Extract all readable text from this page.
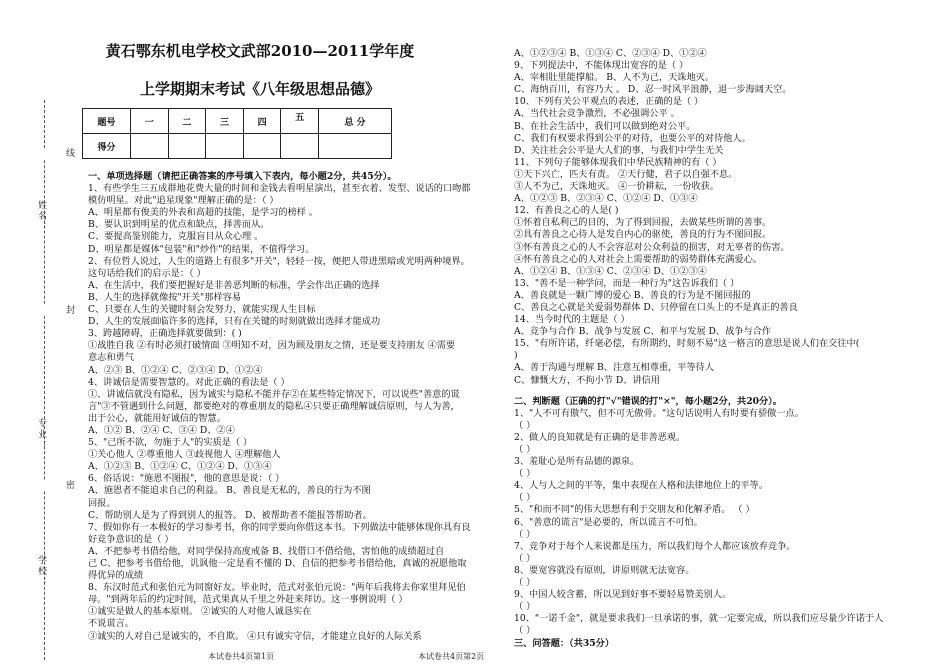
学校：
专业：
姓名：
密
封
线
黄石鄂东机电学校文武部2010—2011学年度
上学期期末考试《八年级思想品德》
题号	一	二	三	四	五	总 分
得分						
一、单项选择题（请把正确答案的序号填入下表内，每小题2分，共45分）。
1、有些学生三五成群地花费大量的时间和金钱去看明星演出，甚至衣着、发型、说话的口吻都
模仿明星。对此"追星现象"理解正确的是：（ ）
A、明星都有俊美的外表和高超的技能，是学习的榜样 。
B、要认识到明星的优点和缺点，择善而从。
C、要提高鉴别能力，克服盲目从众心理 。
D、明星都是媒体"包装"和"炒作"的结果，不值得学习。
2、有位哲人说过，人生的道路上有很多"开关"，轻轻一按，便把人带进黑暗或光明两种境界。
这句话给我们的启示是：（ ）
A、在生活中，我们要把握好是非善恶判断的标准，学会作出正确的选择
B、人生的选择就像按"开关"那样容易
C、只要在人生的关键时刻会发努力，就能实现人生目标
D、人生的发展面临许多的选择，只有在关键的时刻就做出选择才能成功
3、跨越障碍，正确选择就要做到：( )
①战胜自我 ②有时必须打破情面 ③明知不对，因为顾及朋友之情，还是要支持朋友 ④需要
意志和勇气
A、②③ B、①②④ C、②③④ D、①②④
4、讲诚信是需要智慧的。对此正确的看法是（ ）
①、讲诚信就没有隐私，因为诚实与隐私不能并存②在某些特定情况下，可以说些"善意的谎
言"③不管遇到什么问题，都要绝对的尊重朋友的隐私④只要正确理解诚信原则，与人为善，
出于公心，就能用好诚信的智慧。
A、①② B、②④ C、③④ D、②④
5、"己所不欲，勿施于人"的实质是（ ）
①关心他人 ②尊重他人 ③歧视他人 ④理解他人
A、①②③ B、①②④ C、①②④ D、①③④
6、俗话说："施恩不图报"，他的意思是说：（ ）
A、施恩者不能追求自己的利益。 B、善良是无私的，善良的行为不图
回报。
C、帮助别人是为了得到别人的报答。 D、被帮助者不能报答帮助者。
7、假如你有一本极好的学习参考书，你的同学要向你借这本书。下列做法中能够体现你具有良
好竞争意识的是（ ）
A、不把参考书借给他，对同学保持高度戒备 B、找借口不借给他，害怕他的成绩超过自
己 C、把参考书借给他，讥讽他一定是看不懂的 D、自信的把参考书借给他，真诚的祝愿他取
得优异的成绩
8、东汉时范式和张伯元为同窗好友。毕业时，范式对张伯元说："两年后我将去你家里拜见伯
母。"到两年后的约定时间，范式果真从千里之外赶来拜访。这一事例说明（ ）
①诚实是做人的基本原则。 ②诚实的人对他人诚恳实在
不说谎言。
③诚实的人对自己是诚实的，不自欺。 ④只有诚实守信，才能建立良好的人际关系
本试卷共4页第1页
A、①②③④ B、①③④ C、②③④ D、①②④
9、下列提法中，不能体现出宽容的是（ ）
A、宰相肚里能撑船。 B、人不为己，天诛地灭。
C、海纳百川，有容乃大 。 D、忍一时风平浪静，退一步海阔天空。
10、下列有关公平观点的表述，正确的是（ ）
A、当代社会竞争激烈，不必强调公平 。
B、在社会生活中，我们可以做到绝对公平。
C、我们有权要求得到公平的对待，也要公平的对待他人。
D、关注社会公平是大人们的事，与我们中学生无关
11、下列句子能够体现我们中华民族精神的有（ ）
①天下兴亡，匹夫有责。 ②天行健，君子以自强不息。
③人不为己，天诛地灭。 ④一价耕耘，一份收获。
A、①②③ B、②③④ C、①②④ D、①③④
12、有善良之心的人是( )
①怀着自私利己的目的，为了得到回报，去做某些所谓的善事。
②具有善良之心待人是发自内心的驱使，善良的行为不图回报。
③怀有善良之心的人不会容忍对公众利益的损害，对无辜者的伤害。
④怀有善良之心的人对社会上需要帮助的弱势群体充满爱心。
A、①②④ B、①③④ C、②③④ D、①②③④
13、"善不是一种学问，而是一种行为"这告诉我们（ ）
A、善良就是一颗广博的爱心 B、善良的行为是不图回报的
C、善良之心就是关爱弱势群体 D、只停留在口头上的不是真正的善良
14、当今时代的主题是（ ）
A、竞争与合作 B、战争与发展 C、和平与发展 D、战争与合作
15、"有所许诺，纤毫必偿，有所期约，时刻不易"这一格言的意思是说人们在交往中(
)
A、善于沟通与理解 B、注意互相尊重，平等待人
C、慷慨大方，不拘小节 D、讲信用
二、判断题（正确的打"√"错误的打"×"，每小题2分，共20分）。
1、"人不可有傲气，但不可无傲骨。"这句话说明人有时要有骄傲一点。
（ ）
2、做人的良知就是有正确的是非善恶观。
（ ）
3、羞耻心是所有品德的源泉。
（ ）
4、人与人之间的平等，集中表现在人格和法律地位上的平等。
（ ）
5、"和而不同"的伟大思想有利于交朋友和化解矛盾。 （ ）
6、"善意的谎言"是必要的，所以谎言不可怕。
（ ）
7、竞争对于每个人来说都是压力，所以我们每个人都应该放弃竞争。
（ ）
8、要宽容就没有原则，讲原则就无法宽容。
（ ）
9、中国人较含蓄，所以见到好事不要轻易赞美别人。
（ ）
10、"一诺千金"，就是要求我们一旦承诺的事，就一定要完成，所以我们应尽量少许诺于人
（ ）
三、问答题：（共35分）
本试卷共4页第2页
